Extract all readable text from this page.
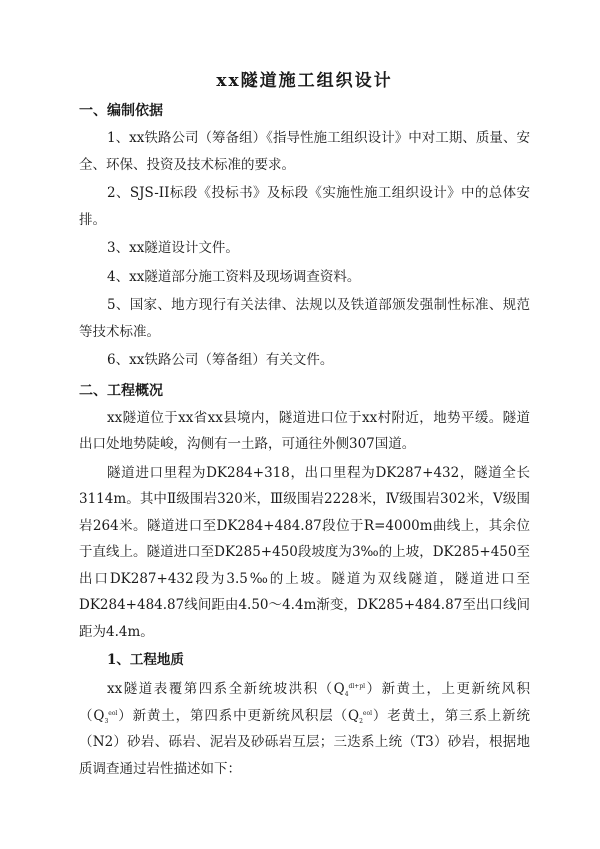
xx隧道施工组织设计
一、编制依据
1、xx铁路公司（筹备组）《指导性施工组织设计》中对工期、质量、安全、环保、投资及技术标准的要求。
2、SJS-II标段《投标书》及标段《实施性施工组织设计》中的总体安排。
3、xx隧道设计文件。
4、xx隧道部分施工资料及现场调查资料。
5、国家、地方现行有关法律、法规以及铁道部颁发强制性标准、规范等技术标准。
6、xx铁路公司（筹备组）有关文件。
二、工程概况
xx隧道位于xx省xx县境内，隧道进口位于xx村附近，地势平缓。隧道出口处地势陡峻，沟侧有一土路，可通往外侧307国道。
隧道进口里程为DK284+318，出口里程为DK287+432，隧道全长3114m。其中Ⅱ级围岩320米，Ⅲ级围岩2228米，Ⅳ级围岩302米，Ⅴ级围岩264米。隧道进口至DK284+484.87段位于R=4000m曲线上，其余位于直线上。隧道进口至DK285+450段坡度为3‰的上坡，DK285+450至出口DK287+432段为3.5‰的上坡。隧道为双线隧道，隧道进口至DK284+484.87线间距由4.50～4.4m渐变，DK285+484.87至出口线间距为4.4m。
1、工程地质
xx隧道表覆第四系全新统坡洪积$(Q_4^{dl+pl})$新黄土，上更新统风积$(Q_3^{eol})$新黄土，第四系中更新统风积层$(Q_2^{eol})$老黄土，第三系上新统（N2）砂岩、砾岩、泥岩及砂砾岩互层；三迭系上统（T3）砂岩，根据地质调查通过岩性描述如下：
